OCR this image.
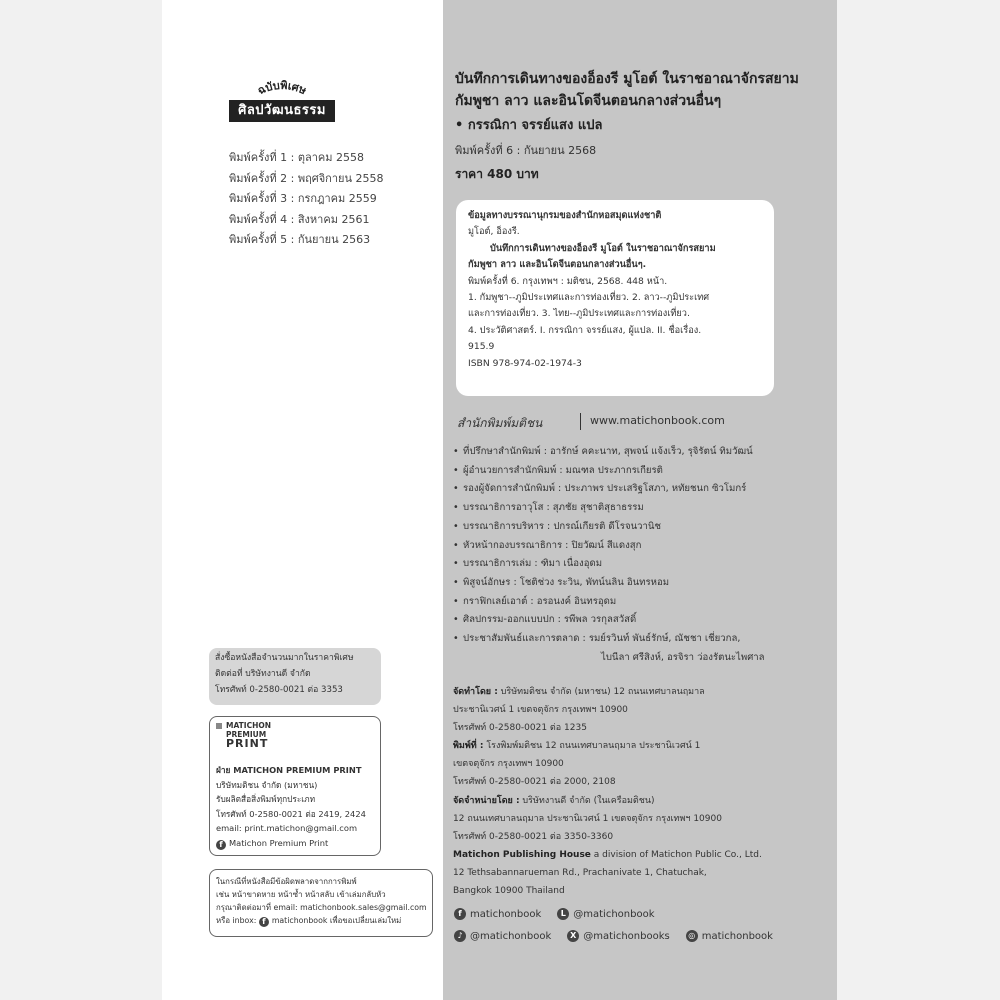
ฉบับพิเศษ
ศิลปวัฒนธรรม
พิมพ์ครั้งที่ 1 : ตุลาคม 2558
พิมพ์ครั้งที่ 2 : พฤศจิกายน 2558
พิมพ์ครั้งที่ 3 : กรกฎาคม 2559
พิมพ์ครั้งที่ 4 : สิงหาคม 2561
พิมพ์ครั้งที่ 5 : กันยายน 2563
สั่งซื้อหนังสือจำนวนมากในราคาพิเศษ
ติดต่อที่ บริษัทงานดี จำกัด
โทรศัพท์ 0-2580-0021 ต่อ 3353
MATICHON
PREMIUM
PRINT
ฝ่าย MATICHON PREMIUM PRINT
บริษัทมติชน จำกัด (มหาชน)
รับผลิตสื่อสิ่งพิมพ์ทุกประเภท
โทรศัพท์ 0-2580-0021 ต่อ 2419, 2424
email: print.matichon@gmail.com
f Matichon Premium Print
ในกรณีที่หนังสือมีข้อผิดพลาดจากการพิมพ์
เช่น หน้าขาดหาย หน้าซ้ำ หน้าสลับ เข้าเล่มกลับหัว
กรุณาติดต่อมาที่ email: matichonbook.sales@gmail.com
หรือ inbox: f matichonbook เพื่อขอเปลี่ยนเล่มใหม่
บันทึกการเดินทางของอ็องรี มูโอต์ ในราชอาณาจักรสยาม
กัมพูชา ลาว และอินโดจีนตอนกลางส่วนอื่นๆ
• กรรณิกา จรรย์แสง แปล
พิมพ์ครั้งที่ 6 : กันยายน 2568
ราคา 480 บาท
ข้อมูลทางบรรณานุกรมของสำนักหอสมุดแห่งชาติ
มูโอต์, อ็องรี.
บันทึกการเดินทางของอ็องรี มูโอต์ ในราชอาณาจักรสยาม
กัมพูชา ลาว และอินโดจีนตอนกลางส่วนอื่นๆ.
พิมพ์ครั้งที่ 6. กรุงเทพฯ : มติชน, 2568. 448 หน้า.
1. กัมพูชา--ภูมิประเทศและการท่องเที่ยว. 2. ลาว--ภูมิประเทศ
และการท่องเที่ยว. 3. ไทย--ภูมิประเทศและการท่องเที่ยว.
4. ประวัติศาสตร์. I. กรรณิกา จรรย์แสง, ผู้แปล. II. ชื่อเรื่อง.
915.9
ISBN 978-974-02-1974-3
สำนักพิมพ์มติชน	www.matichonbook.com
• ที่ปรึกษาสำนักพิมพ์ : อารักษ์ คคะนาท, สุพจน์ แจ้งเร็ว, รุจิรัตน์ ทิมวัฒน์
• ผู้อำนวยการสำนักพิมพ์ : มณฑล ประภากรเกียรติ
• รองผู้จัดการสำนักพิมพ์ : ประภาพร ประเสริฐโสภา, หทัยชนก ซิวโมกร์
• บรรณาธิการอาวุโส : สุภชัย สุชาติสุธาธรรม
• บรรณาธิการบริหาร : ปกรณ์เกียรติ ดีโรจนวานิช
• หัวหน้ากองบรรณาธิการ : ปิยวัฒน์ สีแดงสุก
• บรรณาธิการเล่ม : ฑิมา เนื่องอุดม
• พิสูจน์อักษร : โชติช่วง ระวิน, พัทน์นลิน อินทรหอม
• กราฟิกเลย์เอาต์ : อรอนงค์ อินทรอุดม
• ศิลปกรรม-ออกแบบปก : รพีพล วรกุลสวัสดิ์
• ประชาสัมพันธ์และการตลาด : รมย์รวินท์ พันธ์รักษ์, ณัชชา เชี่ยวกล,
ไบนีลา ศรีสิงห์, อรจิรา ว่องรัตนะไพศาล
จัดทำโดย : บริษัทมติชน จำกัด (มหาชน) 12 ถนนเทศบาลนฤมาล
ประชานิเวศน์ 1 เขตจตุจักร กรุงเทพฯ 10900
โทรศัพท์ 0-2580-0021 ต่อ 1235
พิมพ์ที่ : โรงพิมพ์มติชน 12 ถนนเทศบาลนฤมาล ประชานิเวศน์ 1
เขตจตุจักร กรุงเทพฯ 10900
โทรศัพท์ 0-2580-0021 ต่อ 2000, 2108
จัดจำหน่ายโดย : บริษัทงานดี จำกัด (ในเครือมติชน)
12 ถนนเทศบาลนฤมาล ประชานิเวศน์ 1 เขตจตุจักร กรุงเทพฯ 10900
โทรศัพท์ 0-2580-0021 ต่อ 3350-3360
Matichon Publishing House a division of Matichon Public Co., Ltd.
12 Tethsabannarueman Rd., Prachanivate 1, Chatuchak,
Bangkok 10900 Thailand
f matichonbook	L @matichonbook
♪ @matichonbook	X @matichonbooks	◎ matichonbook
